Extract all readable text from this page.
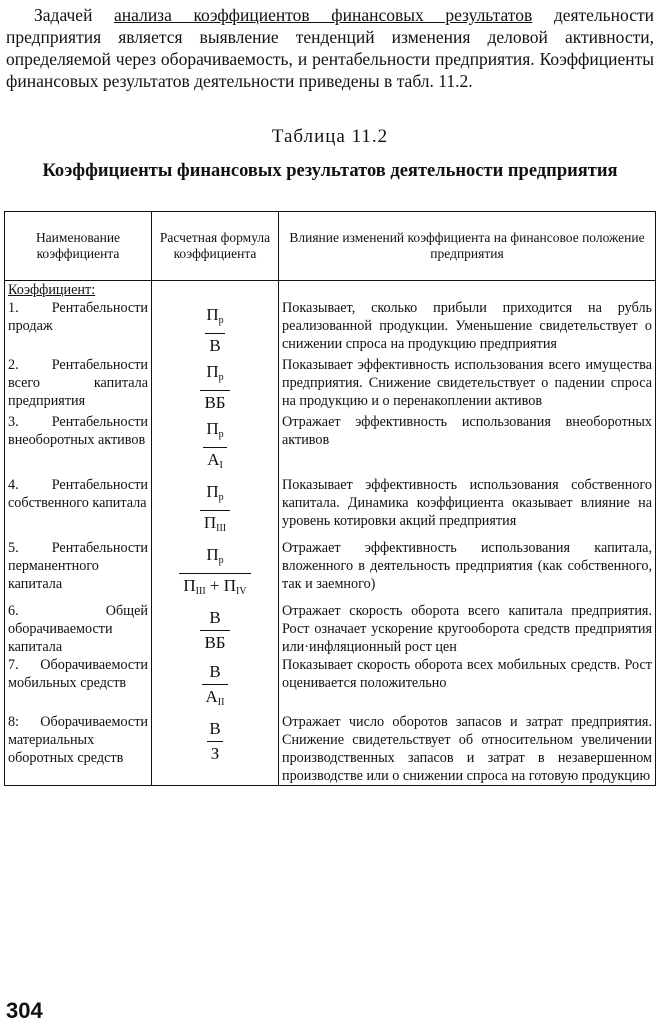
Задачей анализа коэффициентов финансовых результатов деятельности предприятия является выявление тенденций изменения деловой активности, определяемой через оборачиваемость, и рентабельности предприятия. Коэффициенты финансовых результатов деятельности приведены в табл. 11.2.

Таблица 11.2
Коэффициенты финансовых результатов деятельности предприятия
Наименование коэффициента	Расчетная формула коэффициента	Влияние изменений коэффициента на финансовое положение предприятия

Коэффициент:
1. Рентабельности продаж	$\frac{П_р}{В}$	Показывает, сколько прибыли приходится на рубль реализованной продукции. Уменьшение свидетельствует о снижении спроса на продукцию предприятия
2. Рентабельности всего капитала предприятия	$\frac{П_р}{ВБ}$	Показывает эффективность использования всего имущества предприятия. Снижение свидетельствует о падении спроса на продукцию и о перенакоплении активов
3. Рентабельности внеоборотных активов	$\frac{П_р}{А_I}$	Отражает эффективность использования внеоборотных активов
4. Рентабельности собственного капитала	$\frac{П_р}{П_{III}}$	Показывает эффективность использования собственного капитала. Динамика коэффициента оказывает влияние на уровень котировки акций предприятия
5. Рентабельности перманентного капитала	$\frac{П_р}{П_{III} + П_{IV}}$	Отражает эффективность использования капитала, вложенного в деятельность предприятия (как собственного, так и заемного)
6. Общей оборачиваемости капитала	$\frac{В}{ВБ}$	Отражает скорость оборота всего капитала предприятия. Рост означает ускорение кругооборота средств предприятия или·инфляционный рост цен
7. Оборачиваемости мобильных средств	$\frac{В}{А_{II}}$	Показывает скорость оборота всех мобильных средств. Рост оценивается положительно
8: Оборачиваемости материальных оборотных средств	$\frac{В}{З}$	Отражает число оборотов запасов и затрат предприятия. Снижение свидетельствует об относительном увеличении производственных запасов и затрат в незавершенном производстве или о снижении спроса на готовую продукцию
304
